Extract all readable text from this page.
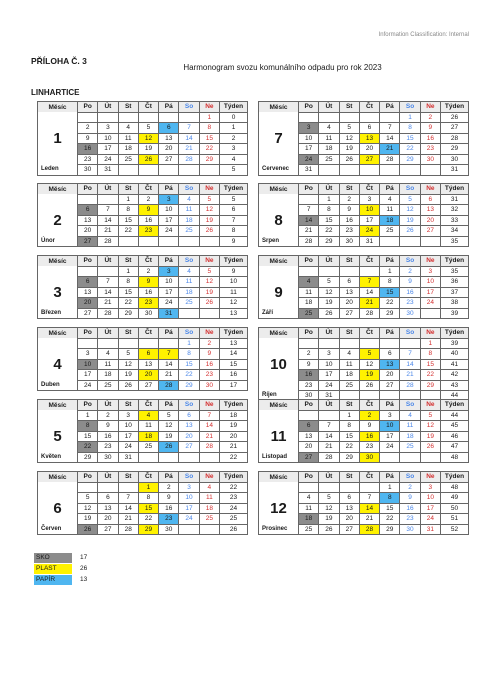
Information Classification: Internal
PŘÍLOHA Č. 3
Harmonogram svozu komunálního odpadu pro rok 2023
LINHARTICE
Měsíc	Po	Út	St	Čt	Pá	So	Ne	Týden
							1	0
	2	3	4	5	6	7	8	1
1	9	10	11	12	13	14	15	2
	16	17	18	19	20	21	22	3
	23	24	25	26	27	28	29	4
Leden	30	31						5
Měsíc	Po	Út	St	Čt	Pá	So	Ne	Týden
			1	2	3	4	5	5
	6	7	8	9	10	11	12	6
2	13	14	15	16	17	18	19	7
	20	21	22	23	24	25	26	8
Únor	27	28						9
Měsíc	Po	Út	St	Čt	Pá	So	Ne	Týden
			1	2	3	4	5	9
	6	7	8	9	10	11	12	10
3	13	14	15	16	17	18	19	11
	20	21	22	23	24	25	26	12
Březen	27	28	29	30	31			13
Měsíc	Po	Út	St	Čt	Pá	So	Ne	Týden
						1	2	13
	3	4	5	6	7	8	9	14
4	10	11	12	13	14	15	16	15
	17	18	19	20	21	22	23	16
Duben	24	25	26	27	28	29	30	17
Měsíc	Po	Út	St	Čt	Pá	So	Ne	Týden
	1	2	3	4	5	6	7	18
	8	9	10	11	12	13	14	19
5	15	16	17	18	19	20	21	20
	22	23	24	25	26	27	28	21
Květen	29	30	31					22
Měsíc	Po	Út	St	Čt	Pá	So	Ne	Týden
				1	2	3	4	22
	5	6	7	8	9	10	11	23
6	12	13	14	15	16	17	18	24
	19	20	21	22	23	24	25	25
Červen	26	27	28	29	30			26
Měsíc	Po	Út	St	Čt	Pá	So	Ne	Týden
						1	2	26
	3	4	5	6	7	8	9	27
7	10	11	12	13	14	15	16	28
	17	18	19	20	21	22	23	29
	24	25	26	27	28	29	30	30
Červenec	31							31
Měsíc	Po	Út	St	Čt	Pá	So	Ne	Týden
		1	2	3	4	5	6	31
	7	8	9	10	11	12	13	32
8	14	15	16	17	18	19	20	33
	21	22	23	24	25	26	27	34
Srpen	28	29	30	31				35
Měsíc	Po	Út	St	Čt	Pá	So	Ne	Týden
					1	2	3	35
	4	5	6	7	8	9	10	36
9	11	12	13	14	15	16	17	37
	18	19	20	21	22	23	24	38
Září	25	26	27	28	29	30		39
Měsíc	Po	Út	St	Čt	Pá	So	Ne	Týden
							1	39
	2	3	4	5	6	7	8	40
10	9	10	11	12	13	14	15	41
	16	17	18	19	20	21	22	42
	23	24	25	26	27	28	29	43
Říjen	30	31						44
Měsíc	Po	Út	St	Čt	Pá	So	Ne	Týden
			1	2	3	4	5	44
	6	7	8	9	10	11	12	45
11	13	14	15	16	17	18	19	46
	20	21	22	23	24	25	26	47
Listopad	27	28	29	30				48
Měsíc	Po	Út	St	Čt	Pá	So	Ne	Týden
					1	2	3	48
	4	5	6	7	8	9	10	49
12	11	12	13	14	15	16	17	50
	18	19	20	21	22	23	24	51
Prosinec	25	26	27	28	29	30	31	52
SKO	17
PLAST	26
PAPÍR	13
